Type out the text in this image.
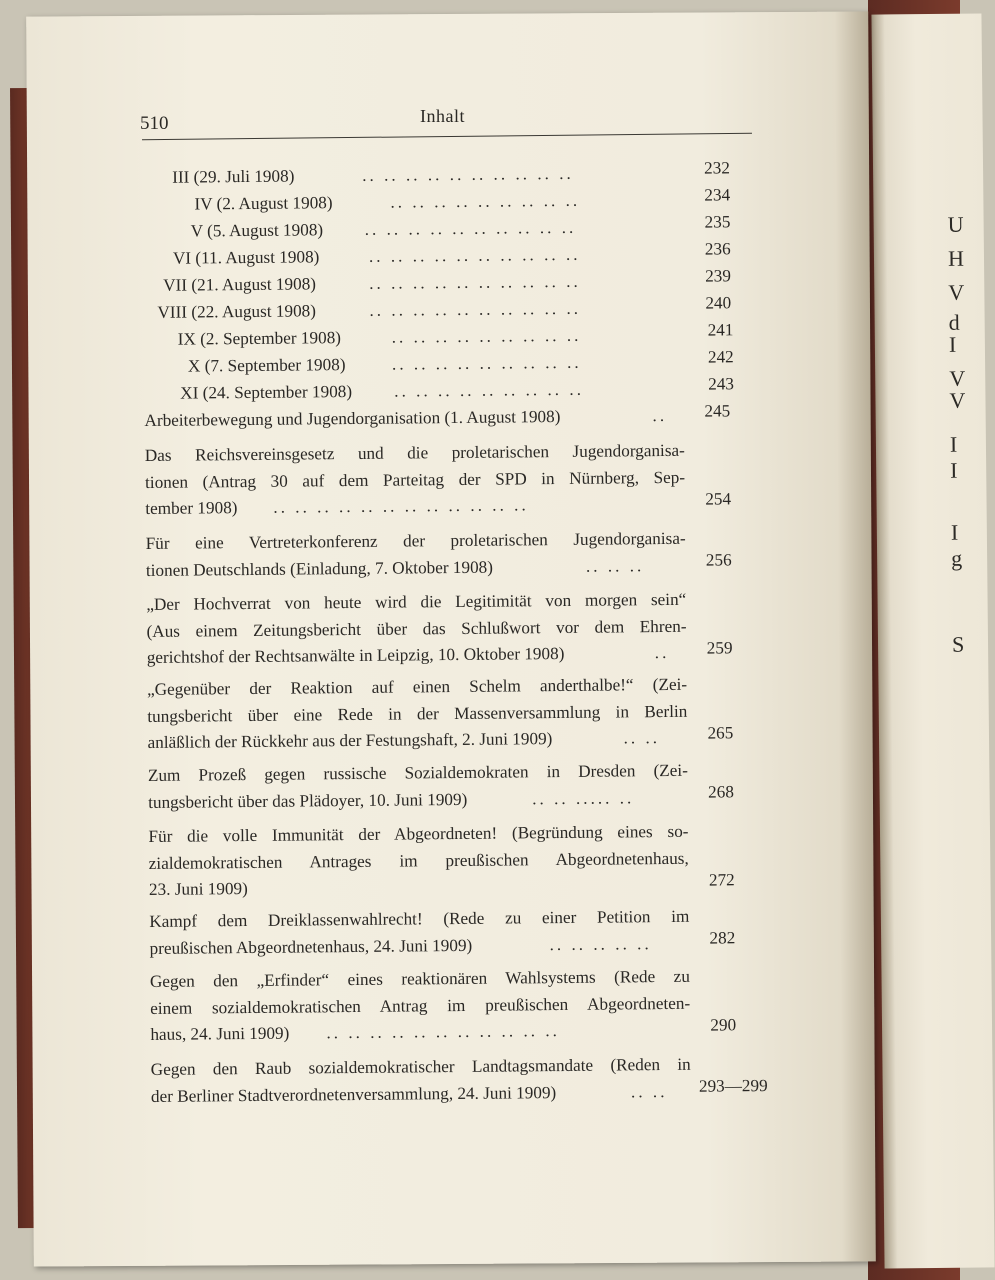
U
H
V
d
I
V
V
I
I
I
g
S
510	Inhalt
III (29. Juli 1908)	.. .. .. .. .. .. .. .. .. ..	232
IV (2. August 1908)	.. .. .. .. .. .. .. .. ..	234
V (5. August 1908) .. .. .. .. .. .. .. .. .. ..	235
VI (11. August 1908)	.. .. .. .. .. .. .. .. .. ..	236
VII (21. August 1908)	.. .. .. .. .. .. .. .. .. ..	239
VIII (22. August 1908)	.. .. .. .. .. .. .. .. .. ..	240
IX (2. September 1908)	.. .. .. .. .. .. .. .. ..	241
X (7. September 1908)	.. .. .. .. .. .. .. .. ..	242
XI (24. September 1908) .. .. .. .. .. .. .. .. ..	243
Arbeiterbewegung und Jugendorganisation (1. August 1908)	..	245
Das Reichsvereinsgesetz und die proletarischen Jugendorganisa-
tionen (Antrag 30 auf dem Parteitag der SPD in Nürnberg, Sep-
tember 1908)	.. .. .. .. .. .. .. .. .. .. .. ..	254
Für eine Vertreterkonferenz der proletarischen Jugendorganisa-
tionen Deutschlands (Einladung, 7. Oktober 1908)	.. .. ..	256
„Der Hochverrat von heute wird die Legitimität von morgen sein“
(Aus einem Zeitungsbericht über das Schlußwort vor dem Ehren-
gerichtshof der Rechtsanwälte in Leipzig, 10. Oktober 1908)	..	259
„Gegenüber der Reaktion auf einen Schelm anderthalbe!“ (Zei-
tungsbericht über eine Rede in der Massenversammlung in Berlin
anläßlich der Rückkehr aus der Festungshaft, 2. Juni 1909)	.. ..	265
Zum Prozeß gegen russische Sozialdemokraten in Dresden (Zei-
tungsbericht über das Plädoyer, 10. Juni 1909)	.. .. ..... ..	268
Für die volle Immunität der Abgeordneten! (Begründung eines so-
zialdemokratischen Antrages im preußischen Abgeordnetenhaus,
23. Juni 1909)	272
Kampf dem Dreiklassenwahlrecht! (Rede zu einer Petition im
preußischen Abgeordnetenhaus, 24. Juni 1909)	.. .. .. .. ..	282
Gegen den „Erfinder“ eines reaktionären Wahlsystems (Rede zu
einem sozialdemokratischen Antrag im preußischen Abgeordneten-
haus, 24. Juni 1909)	.. .. .. .. .. .. .. .. .. .. ..	290
Gegen den Raub sozialdemokratischer Landtagsmandate (Reden in
der Berliner Stadtverordnetenversammlung, 24. Juni 1909)	.. ..	293—299
